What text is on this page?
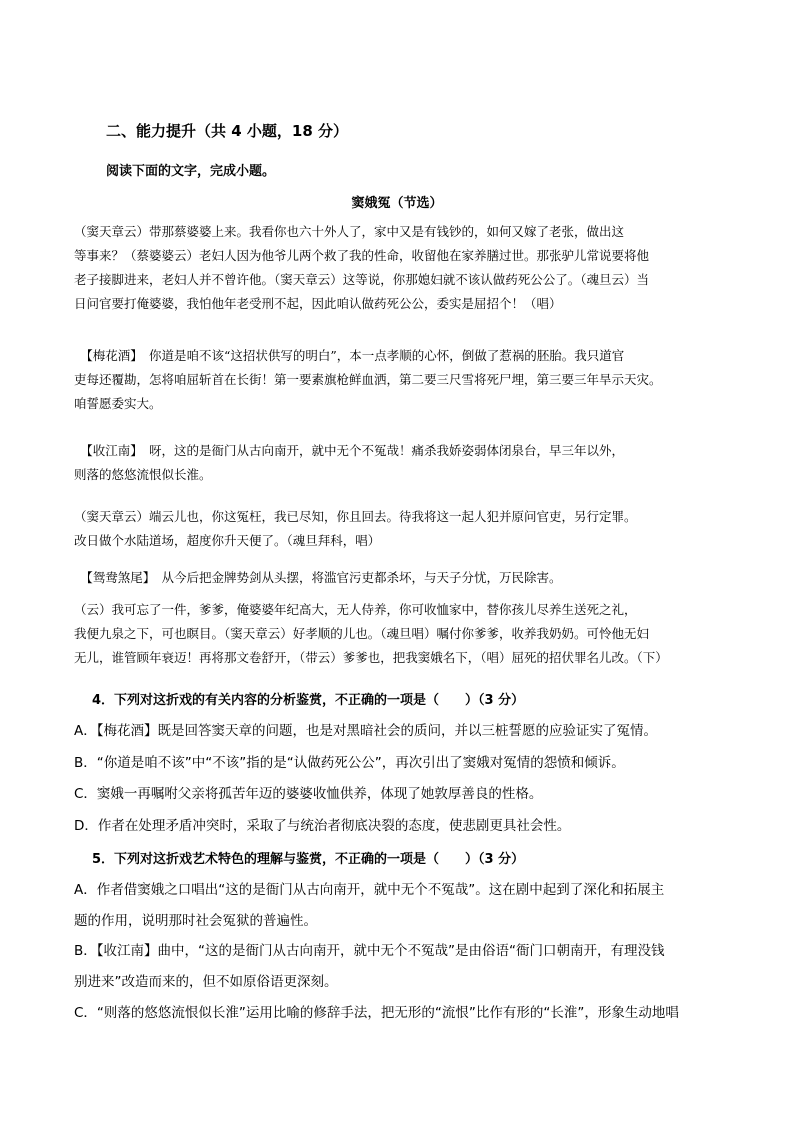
二、能力提升（共 4 小题，18 分）
阅读下面的文字，完成小题。
窦娥冤（节选）
（窦天章云）带那蔡婆婆上来。我看你也六十外人了，家中又是有钱钞的，如何又嫁了老张，做出这
等事来？（蔡婆婆云）老妇人因为他爷儿两个救了我的性命，收留他在家养膳过世。那张驴儿常说要将他
老子接脚进来，老妇人并不曾许他。（窦天章云）这等说，你那媳妇就不该认做药死公公了。（魂旦云）当
日问官要打俺婆婆，我怕他年老受刑不起，因此咱认做药死公公，委实是屈招个！（唱）
　【梅花酒】　你道是咱不该“这招状供写的明白”，本一点孝顺的心怀，倒做了惹祸的胚胎。我只道官
吏每还覆勘，怎将咱屈斩首在长街！第一要素旗枪鲜血洒，第二要三尺雪将死尸埋，第三要三年旱示天灾。
咱誓愿委实大。
　【收江南】　呀，这的是衙门从古向南开，就中无个不冤哉！痛杀我娇姿弱体闭泉台，早三年以外，
则落的悠悠流恨似长淮。
（窦天章云）端云儿也，你这冤枉，我已尽知，你且回去。待我将这一起人犯并原问官吏，另行定罪。
改日做个水陆道场，超度你升天便了。（魂旦拜科，唱）
　【鸳鸯煞尾】　从今后把金牌势剑从头摆，将滥官污吏都杀坏，与天子分忧，万民除害。
（云）我可忘了一件，爹爹，俺婆婆年纪高大，无人侍养，你可收恤家中，替你孩儿尽养生送死之礼，
我便九泉之下，可也瞑目。（窦天章云）好孝顺的儿也。（魂旦唱）嘱付你爹爹，收养我奶奶。可怜他无妇
无儿，谁管顾年衰迈！再将那文卷舒开，（带云）爹爹也，把我窦娥名下，（唱）屈死的招伏罪名儿改。（下）
4．下列对这折戏的有关内容的分析鉴赏，不正确的一项是（　　）（3 分）
A．【梅花酒】既是回答窦天章的问题，也是对黑暗社会的质问，并以三桩誓愿的应验证实了冤情。
B．“你道是咱不该”中“不该”指的是“认做药死公公”，再次引出了窦娥对冤情的怨愤和倾诉。
C．窦娥一再嘱咐父亲将孤苦年迈的婆婆收恤供养，体现了她敦厚善良的性格。
D．作者在处理矛盾冲突时，采取了与统治者彻底决裂的态度，使悲剧更具社会性。
5．下列对这折戏艺术特色的理解与鉴赏，不正确的一项是（　　）（3 分）
A．作者借窦娥之口唱出“这的是衙门从古向南开，就中无个不冤哉”。这在剧中起到了深化和拓展主
题的作用，说明那时社会冤狱的普遍性。
B．【收江南】曲中，“这的是衙门从古向南开，就中无个不冤哉”是由俗语“衙门口朝南开，有理没钱
别进来”改造而来的，但不如原俗语更深刻。
C．“则落的悠悠流恨似长淮”运用比喻的修辞手法，把无形的“流恨”比作有形的“长淮”，形象生动地唱
